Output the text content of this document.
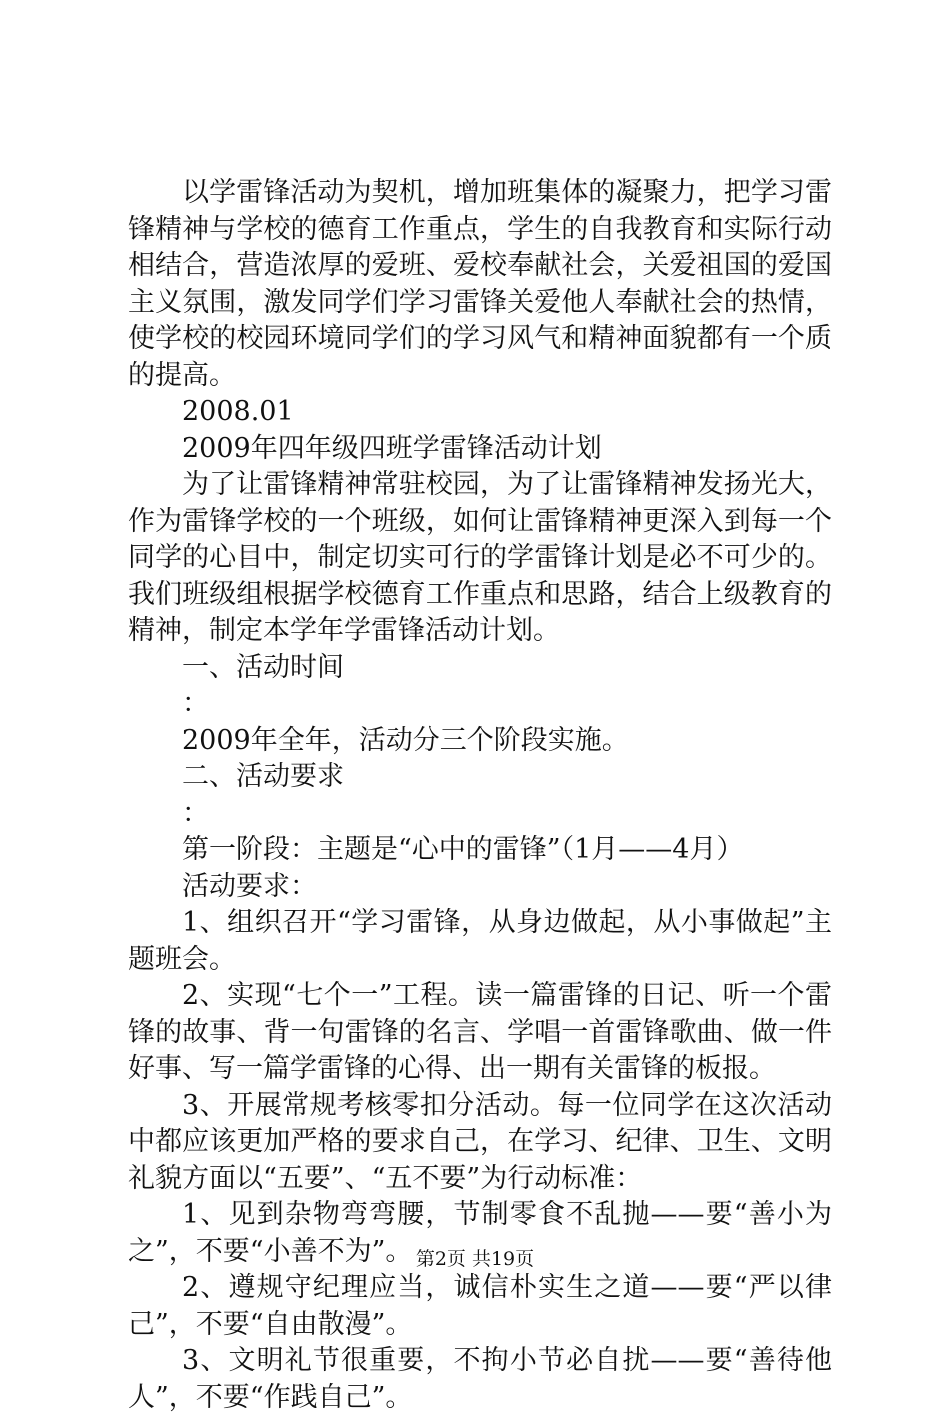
以学雷锋活动为契机，增加班集体的凝聚力，把学习雷锋精神与学校的德育工作重点，学生的自我教育和实际行动相结合，营造浓厚的爱班、爱校奉献社会，关爱祖国的爱国主义氛围，激发同学们学习雷锋关爱他人奉献社会的热情，使学校的校园环境同学们的学习风气和精神面貌都有一个质的提高。

2008.01

2009年四年级四班学雷锋活动计划

为了让雷锋精神常驻校园，为了让雷锋精神发扬光大，作为雷锋学校的一个班级，如何让雷锋精神更深入到每一个同学的心目中，制定切实可行的学雷锋计划是必不可少的。我们班级组根据学校德育工作重点和思路，结合上级教育的精神，制定本学年学雷锋活动计划。

一、活动时间

：

2009年全年，活动分三个阶段实施。

二、活动要求

：

第一阶段：主题是“心中的雷锋”（1月——4月）

活动要求：

1、组织召开“学习雷锋，从身边做起，从小事做起”主题班会。

2、实现“七个一”工程。读一篇雷锋的日记、听一个雷锋的故事、背一句雷锋的名言、学唱一首雷锋歌曲、做一件好事、写一篇学雷锋的心得、出一期有关雷锋的板报。

3、开展常规考核零扣分活动。每一位同学在这次活动中都应该更加严格的要求自己，在学习、纪律、卫生、文明礼貌方面以“五要”、“五不要”为行动标准：

1、见到杂物弯弯腰，节制零食不乱抛——要“善小为之”，不要“小善不为”。

2、遵规守纪理应当，诚信朴实生之道——要“严以律己”，不要“自由散漫”。

3、文明礼节很重要，不拘小节必自扰——要“善待他人”，不要“作践自己”。

第2页 共19页
